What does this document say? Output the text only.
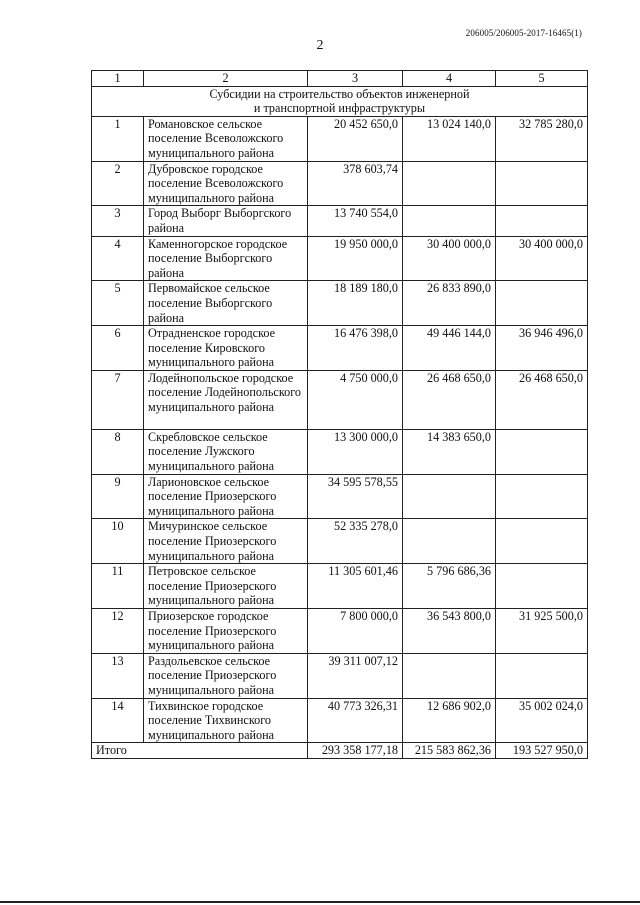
206005/206005-2017-16465(1)
2
1	2	3	4	5
Субсидии на строительство объектов инженерной
и транспортной инфраструктуры				
1	Романовское сельское поселение Всеволожского муниципального района	20 452 650,0	13 024 140,0	32 785 280,0
2	Дубровское городское поселение Всеволожского муниципального района	378 603,74		
3	Город Выборг Выборгского района	13 740 554,0		
4	Каменногорское городское поселение Выборгского района	19 950 000,0	30 400 000,0	30 400 000,0
5	Первомайское сельское поселение Выборгского района	18 189 180,0	26 833 890,0	
6	Отрадненское городское поселение Кировского муниципального района	16 476 398,0	49 446 144,0	36 946 496,0
7	Лодейнопольское городское поселение Лодейнопольского муниципального района	4 750 000,0	26 468 650,0	26 468 650,0
8	Скребловское сельское поселение Лужского муниципального района	13 300 000,0	14 383 650,0	
9	Ларионовское сельское поселение Приозерского муниципального района	34 595 578,55		
10	Мичуринское сельское поселение Приозерского муниципального района	52 335 278,0		
11	Петровское сельское поселение Приозерского муниципального района	11 305 601,46	5 796 686,36	
12	Приозерское городское поселение Приозерского муниципального района	7 800 000,0	36 543 800,0	31 925 500,0
13	Раздольевское сельское поселение Приозерского муниципального района	39 311 007,12		
14	Тихвинское городское поселение Тихвинского муниципального района	40 773 326,31	12 686 902,0	35 002 024,0
Итого		293 358 177,18	215 583 862,36	193 527 950,0
